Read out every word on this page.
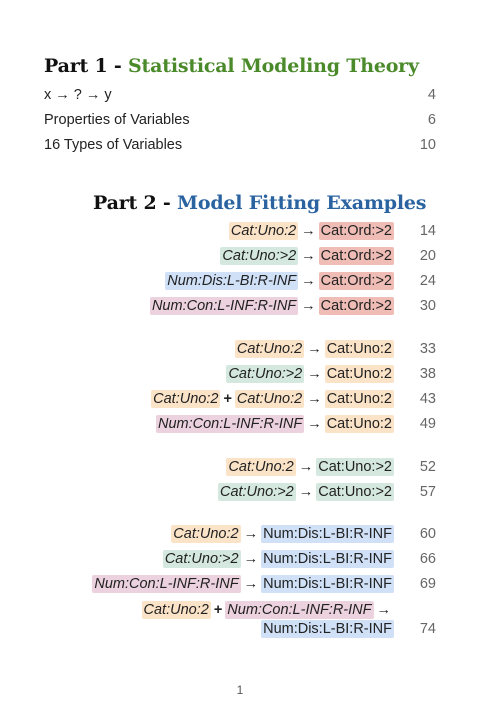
Part 1 - Statistical Modeling Theory
x → ? → y	4
Properties of Variables	6
16 Types of Variables	10
Part 2 - Model Fitting Examples
Cat:Uno:2 → Cat:Ord:>2 14
Cat:Uno:>2 → Cat:Ord:>2 20
Num:Dis:L-BI:R-INF → Cat:Ord:>2 24
Num:Con:L-INF:R-INF → Cat:Ord:>2 30
Cat:Uno:2 → Cat:Uno:2 33
Cat:Uno:>2 → Cat:Uno:2 38
Cat:Uno:2 + Cat:Uno:2 → Cat:Uno:2 43
Num:Con:L-INF:R-INF → Cat:Uno:2 49
Cat:Uno:2 → Cat:Uno:>2 52
Cat:Uno:>2 → Cat:Uno:>2 57
Cat:Uno:2 → Num:Dis:L-BI:R-INF 60
Cat:Uno:>2 → Num:Dis:L-BI:R-INF 66
Num:Con:L-INF:R-INF → Num:Dis:L-BI:R-INF 69
Cat:Uno:2 + Num:Con:L-INF:R-INF →
Num:Dis:L-BI:R-INF 74
1
